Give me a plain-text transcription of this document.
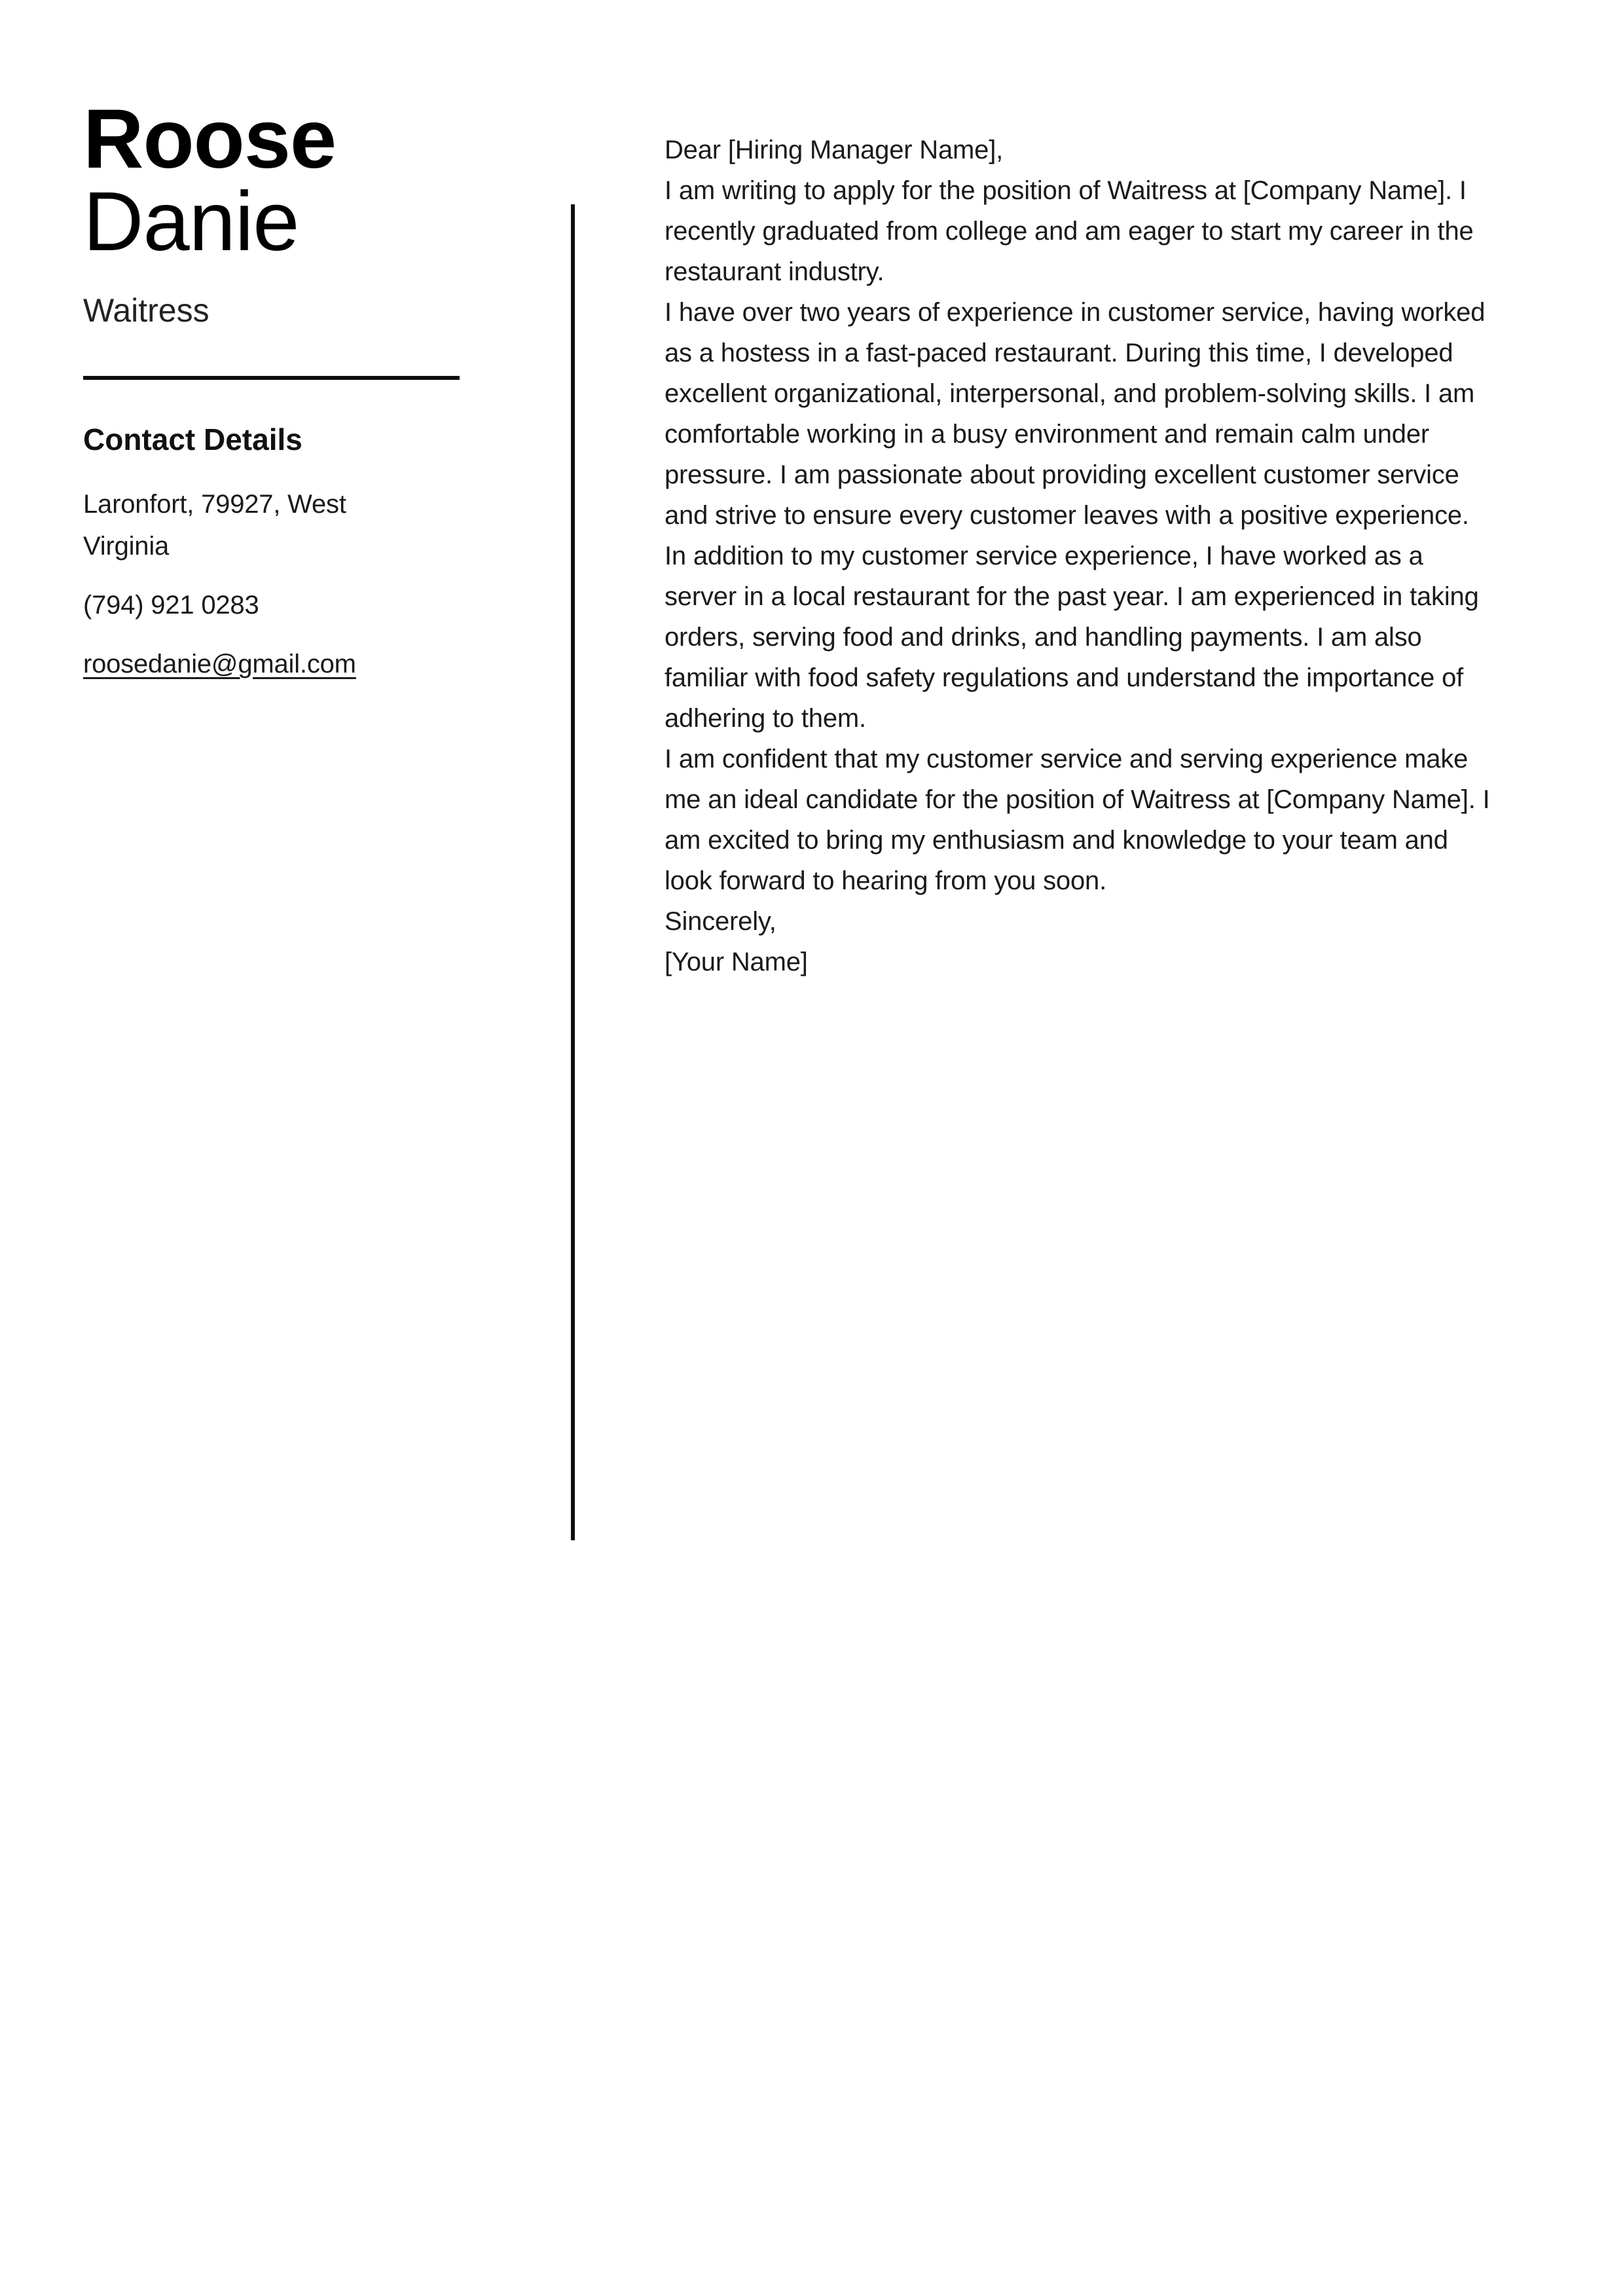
Roose
Danie
Waitress
Contact Details

Laronfort, 79927, West Virginia

(794) 921 0283

roosedanie@gmail.com

Dear [Hiring Manager Name],

I am writing to apply for the position of Waitress at [Company Name]. I recently graduated from college and am eager to start my career in the restaurant industry.

I have over two years of experience in customer service, having worked as a hostess in a fast-paced restaurant. During this time, I developed excellent organizational, interpersonal, and problem-solving skills. I am comfortable working in a busy environment and remain calm under pressure. I am passionate about providing excellent customer service and strive to ensure every customer leaves with a positive experience.

In addition to my customer service experience, I have worked as a server in a local restaurant for the past year. I am experienced in taking orders, serving food and drinks, and handling payments. I am also familiar with food safety regulations and understand the importance of adhering to them.

I am confident that my customer service and serving experience make me an ideal candidate for the position of Waitress at [Company Name]. I am excited to bring my enthusiasm and knowledge to your team and look forward to hearing from you soon.

Sincerely,

[Your Name]
